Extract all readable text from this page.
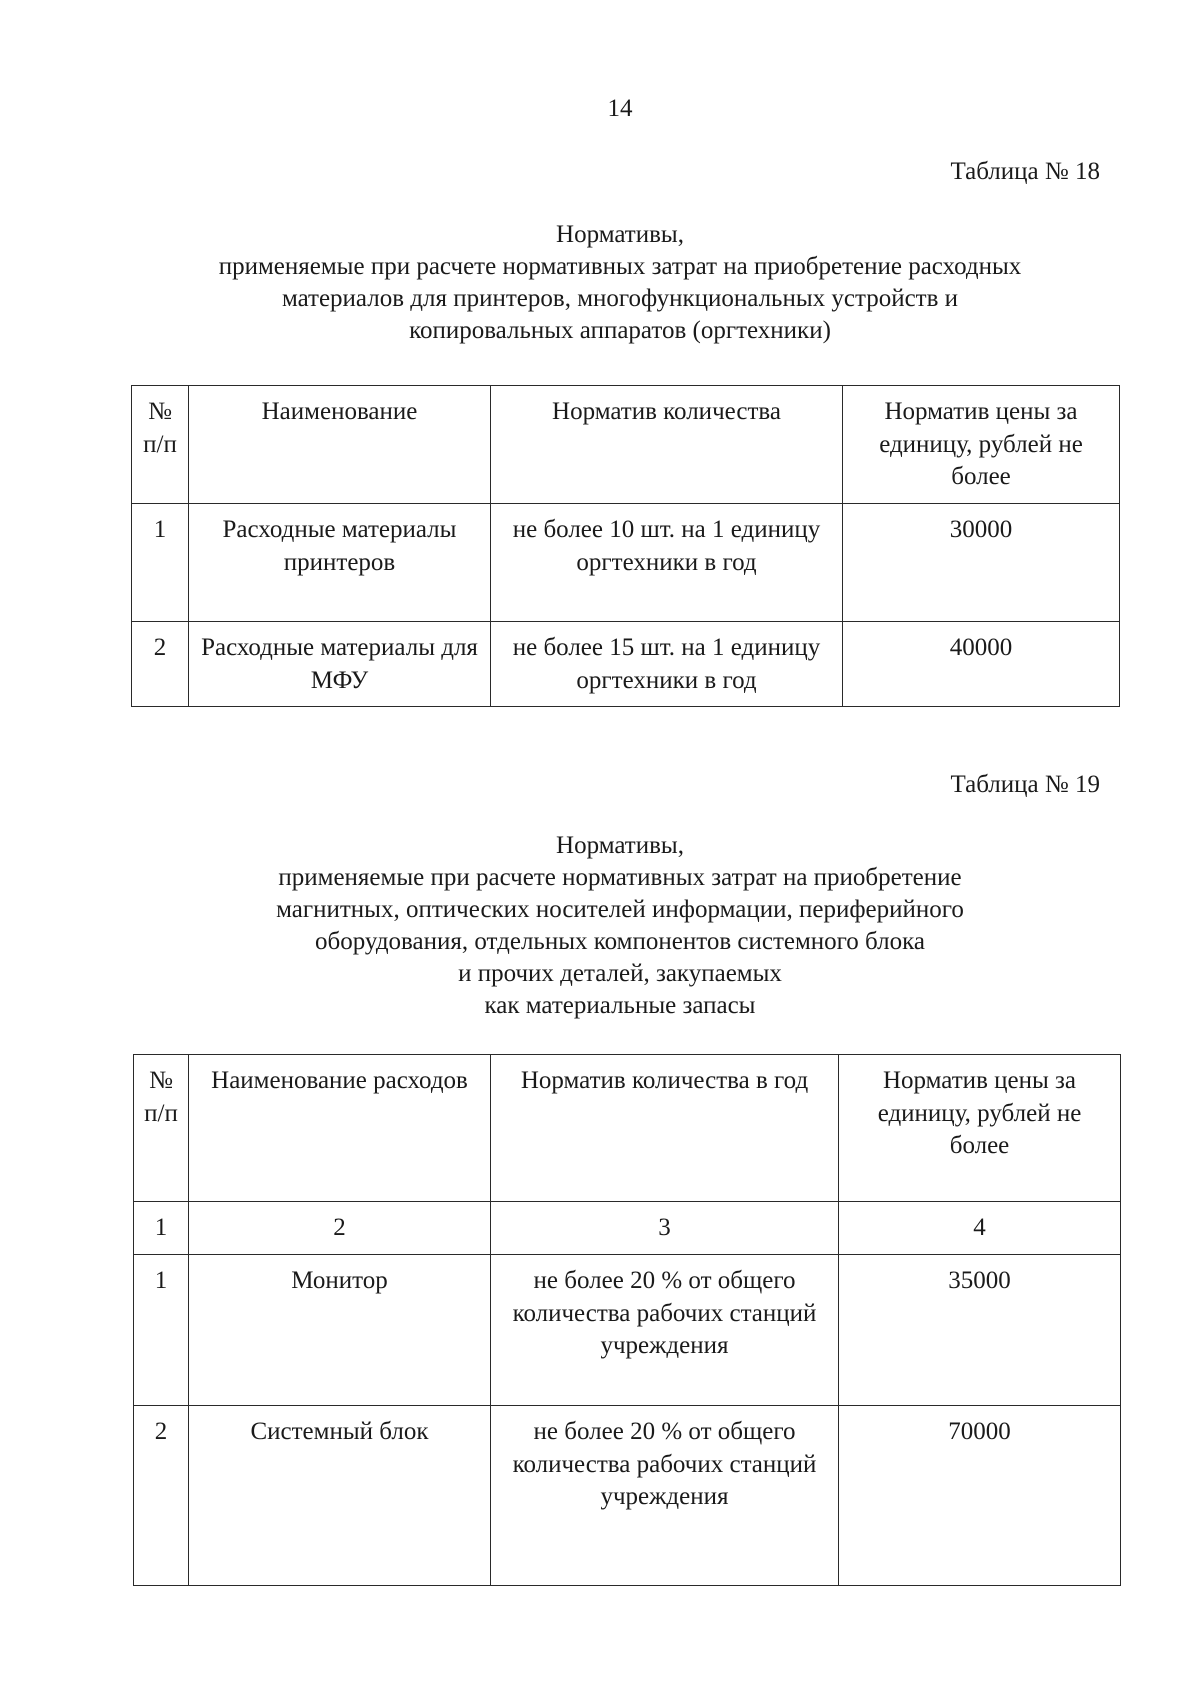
14
Таблица № 18
Нормативы,
применяемые при расчете нормативных затрат на приобретение расходных
материалов для принтеров, многофункциональных устройств и
копировальных аппаратов (оргтехники)
№ п/п	Наименование	Норматив количества	Норматив цены за единицу, рублей не более
1	Расходные материалы принтеров	не более 10 шт. на 1 единицу оргтехники в год	30000
2	Расходные материалы для МФУ	не более 15 шт. на 1 единицу оргтехники в год	40000
Таблица № 19
Нормативы,
применяемые при расчете нормативных затрат на приобретение
магнитных, оптических носителей информации, периферийного
оборудования, отдельных компонентов системного блока
и прочих деталей, закупаемых
как материальные запасы
№ п/п	Наименование расходов	Норматив количества в год	Норматив цены за единицу, рублей не более
1	2	3	4
1	Монитор	не более 20 % от общего количества рабочих станций учреждения	35000
2	Системный блок	не более 20 % от общего количества рабочих станций учреждения	70000
